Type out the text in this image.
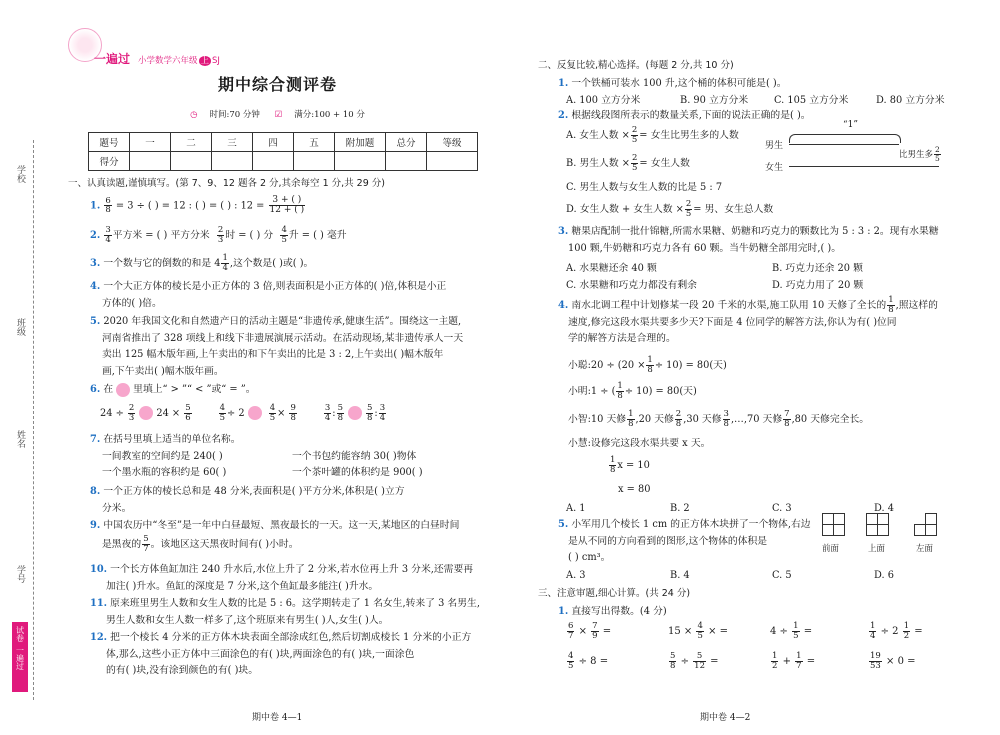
学校
班级
姓名
学号
试卷
一遍过
一遍过 小学数学六年级 上 SJ
期中综合测评卷
◷ 时间:70 分钟 ☑ 满分:100 + 10 分
题号	一	二	三	四	五	附加题	总分	等级
得分								
一、认真读题,谨慎填写。(第 7、9、12 题各 2 分,其余每空 1 分,共 29 分)
1. $\frac{6}{8} = 3$ ÷ ( ) = 12 : ( ) = ( ) : $12 = \frac{3 + ( )}{12 + ( )}$
2. $\frac{3}{4}$ 平方米 = ( ) 平方分米 $\frac{2}{3}$ 时 = ( ) 分 $\frac{4}{5}$ 升 = ( ) 毫升
3. 一个数与它的倒数的和是 $4 \frac{1}{4}$ ,这个数是( )或( )。
4. 一个大正方体的棱长是小正方体的 3 倍,则表面积是小正方体的( )倍,体积是小正
方体的( )倍。
5. 2020 年我国文化和自然遗产日的活动主题是“非遗传承,健康生活”。围绕这一主题,
河南省推出了 328 项线上和线下非遗展演展示活动。在活动现场,某非遗传承人一天
卖出 125 幅木版年画,上午卖出的和下午卖出的比是 3 : 2,上午卖出( )幅木版年
画,下午卖出( )幅木版年画。
6. 在 里填上“ > ”“ < ”或“ = ”。
$24 \div \frac{2}{3} 24 \times \frac{5}{6}$
	$\frac{4}{5} \div 2$	$\frac{4}{5} \times \frac{9}{8}$
	$\frac{3}{4}$ : $\frac{5}{8}$	$\frac{5}{8}$ : $\frac{3}{4}$
7. 在括号里填上适当的单位名称。
一间教室的空间约是 240( )	一个书包约能容纳 30( )物体
一个墨水瓶的容积约是 60( )	一个茶叶罐的体积约是 900( )
8. 一个正方体的棱长总和是 48 分米,表面积是( )平方分米,体积是( )立方
分米。
9. 中国农历中“冬至”是一年中白昼最短、黑夜最长的一天。这一天,某地区的白昼时间
是黑夜的 $\frac{5}{7}$ 。该地区这天黑夜时间有( )小时。
10. 一个长方体鱼缸加注 240 升水后,水位上升了 2 分米,若水位再上升 3 分米,还需要再
加注( )升水。鱼缸的深度是 7 分米,这个鱼缸最多能注( )升水。
11. 原来班里男生人数和女生人数的比是 5 : 6。这学期转走了 1 名女生,转来了 3 名男生,
男生人数和女生人数一样多了,这个班原来有男生( )人,女生( )人。
12. 把一个棱长 4 分米的正方体木块表面全部涂成红色,然后切割成棱长 1 分米的小正方
体,那么,这些小正方体中三面涂色的有( )块,两面涂色的有( )块,一面涂色
的有( )块,没有涂到颜色的有( )块。
期中卷 4—1
二、反复比较,精心选择。(每题 2 分,共 10 分)
1. 一个铁桶可装水 100 升,这个桶的体积可能是( )。
A. 100 立方分米	B. 90 立方分米	C. 105 立方分米	D. 80 立方分米
2. 根据线段图所表示的数量关系,下面的说法正确的是( )。
A. 女生人数 × $\frac{2}{5}$ = 女生比男生多的人数
B. 男生人数 × $\frac{2}{5}$ = 女生人数
C. 男生人数与女生人数的比是 5 : 7
D. 女生人数 + 女生人数 × $\frac{2}{5}$ = 男、女生总人数
“1”
男生
女生
比男生多 $\frac{2}{5}$
3. 糖果店配制一批什锦糖,所需水果糖、奶糖和巧克力的颗数比为 5 : 3 : 2。现有水果糖
100 颗,牛奶糖和巧克力各有 60 颗。当牛奶糖全部用完时,( )。
A. 水果糖还余 40 颗	B. 巧克力还余 20 颗
C. 水果糖和巧克力都没有剩余	D. 巧克力用了 20 颗
4. 南水北调工程中计划修某一段 20 千米的水渠,施工队用 10 天修了全长的 $\frac{1}{8}$ ,照这样的
速度,修完这段水渠共要多少天?下面是 4 位同学的解答方法,你认为有( )位同
学的解答方法是合理的。
小聪:20 ÷ $(20 \times \frac{1}{8} \div 10) = 80$(天)
小明:1 ÷ ( $\frac{1}{8} \div 10) = 80$(天)
小智:10 天修 $\frac{1}{8} ,20$ 天修 $\frac{2}{8} ,30$ 天修 $\frac{3}{8}$ ,…,70 天修 $\frac{7}{8} ,80$ 天修完全长。
小慧:设修完这段水渠共要 x 天。
$\frac{1}{8}$ x = 10
x = 80
A. 1	B. 2	C. 3	D. 4
5. 小军用几个棱长 1 cm 的正方体木块拼了一个物体,右边
是从不同的方向看到的图形,这个物体的体积是
( ) cm³。
前面	上面	左面
A. 3	B. 4	C. 5	D. 6
三、注意审题,细心计算。(共 24 分)
1. 直接写出得数。(4 分)
$\frac{6}{7} \times \frac{7}{9}$ =	$15 \times \frac{4}{5}$ × =	$4 \div \frac{1}{5}$ =	$\frac{1}{4} \div 2 \frac{1}{2}$ =
$\frac{4}{5} \div 8$ =	$\frac{5}{8} \div \frac{5}{12}$ =	$\frac{1}{2} + \frac{1}{7}$ =	$\frac{19}{53} \times 0$ =
期中卷 4—2
